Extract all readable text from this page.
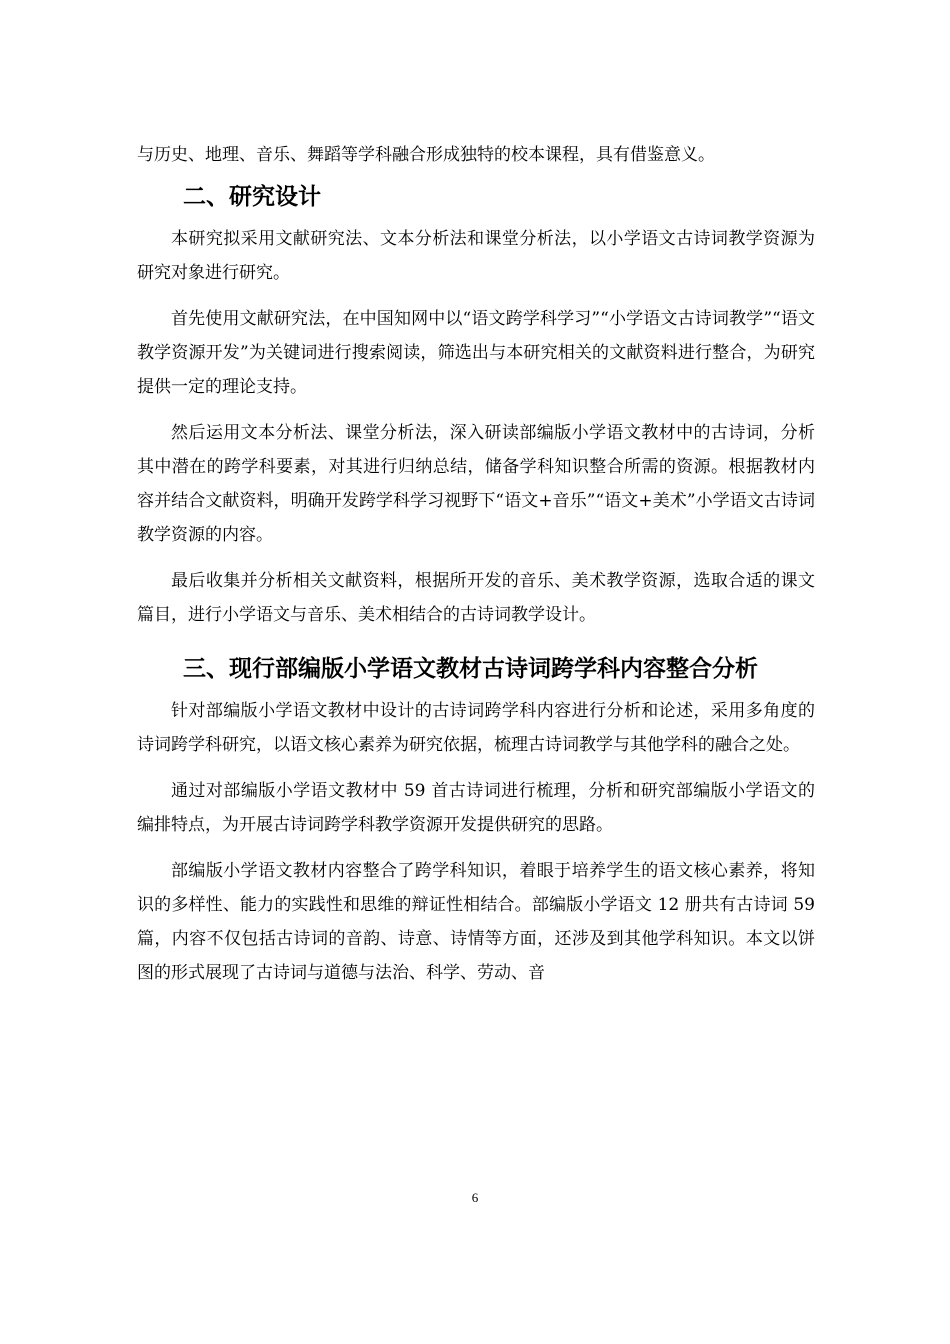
与历史、地理、音乐、舞蹈等学科融合形成独特的校本课程，具有借鉴意义。

二、研究设计

本研究拟采用文献研究法、文本分析法和课堂分析法，以小学语文古诗词教学资源为研究对象进行研究。

首先使用文献研究法，在中国知网中以“语文跨学科学习”“小学语文古诗词教学”“语文教学资源开发”为关键词进行搜索阅读，筛选出与本研究相关的文献资料进行整合，为研究提供一定的理论支持。

然后运用文本分析法、课堂分析法，深入研读部编版小学语文教材中的古诗词，分析其中潜在的跨学科要素，对其进行归纳总结，储备学科知识整合所需的资源。根据教材内容并结合文献资料，明确开发跨学科学习视野下“语文+音乐”“语文+美术”小学语文古诗词教学资源的内容。

最后收集并分析相关文献资料，根据所开发的音乐、美术教学资源，选取合适的课文篇目，进行小学语文与音乐、美术相结合的古诗词教学设计。

三、现行部编版小学语文教材古诗词跨学科内容整合分析

针对部编版小学语文教材中设计的古诗词跨学科内容进行分析和论述，采用多角度的诗词跨学科研究，以语文核心素养为研究依据，梳理古诗词教学与其他学科的融合之处。

通过对部编版小学语文教材中 59 首古诗词进行梳理，分析和研究部编版小学语文的编排特点，为开展古诗词跨学科教学资源开发提供研究的思路。

部编版小学语文教材内容整合了跨学科知识，着眼于培养学生的语文核心素养，将知识的多样性、能力的实践性和思维的辩证性相结合。部编版小学语文 12 册共有古诗词 59 篇，内容不仅包括古诗词的音韵、诗意、诗情等方面，还涉及到其他学科知识。本文以饼图的形式展现了古诗词与道德与法治、科学、劳动、音

6
